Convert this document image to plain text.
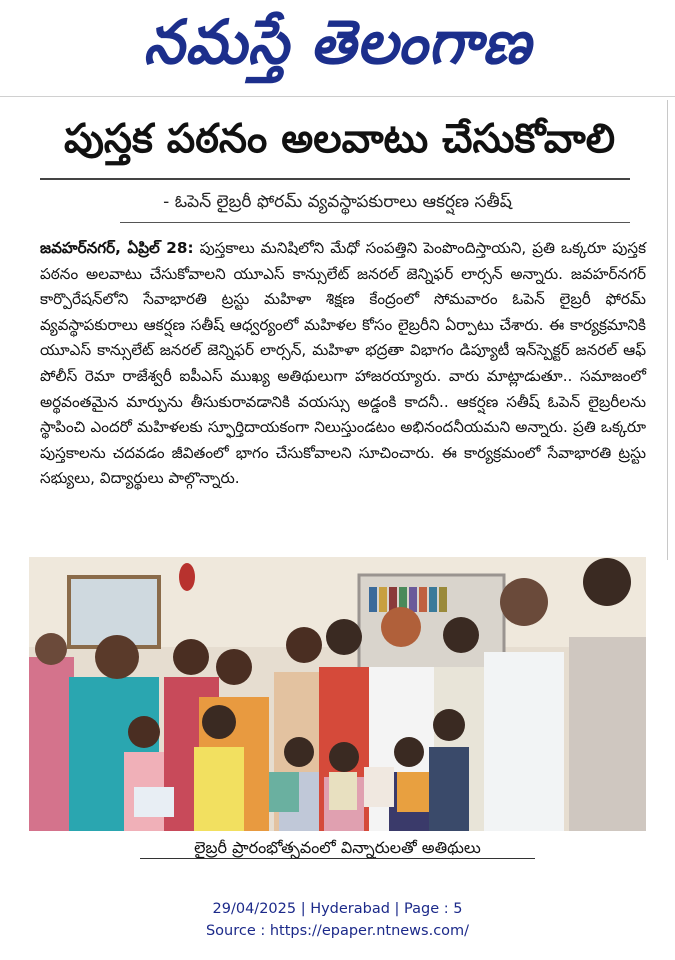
నమస్తే తెలంగాణ
పుస్తక పఠనం అలవాటు చేసుకోవాలి
- ఓపెన్ లైబ్రరీ ఫోరమ్ వ్యవస్థాపకురాలు ఆకర్షణ సతీష్
జవహర్‌నగర్, ఏప్రిల్ 28: పుస్తకాలు మనిషిలోని మేధో సంపత్తిని పెంపొందిస్తాయని, ప్రతి ఒక్కరూ పుస్తక పఠనం అలవాటు చేసుకోవాలని యూఎస్ కాన్సులేట్ జనరల్ జెన్నిఫర్ లార్సన్ అన్నారు. జవహర్‌నగర్ కార్పొరేషన్‌లోని సేవాభారతి ట్రస్టు మహిళా శిక్షణ కేంద్రంలో సోమవారం ఓపెన్ లైబ్రరీ ఫోరమ్ వ్యవస్థాపకురాలు ఆకర్షణ సతీష్ ఆధ్వర్యంలో మహిళల కోసం లైబ్రరీని ఏర్పాటు చేశారు. ఈ కార్యక్రమానికి యూఎస్ కాన్సులేట్ జనరల్ జెన్నిఫర్ లార్సన్, మహిళా భద్రతా విభాగం డిప్యూటీ ఇన్‌స్పెక్టర్ జనరల్ ఆఫ్ పోలీస్ రెమా రాజేశ్వరీ ఐపీఎస్ ముఖ్య అతిథులుగా హాజరయ్యారు. వారు మాట్లాడుతూ.. సమాజంలో అర్థవంతమైన మార్పును తీసుకురావడానికి వయస్సు అడ్డంకి కాదనీ.. ఆకర్షణ సతీష్ ఓపెన్ లైబ్రరీలను స్థాపించి ఎందరో మహిళలకు స్ఫూర్తిదాయకంగా నిలుస్తుండటం అభినందనీయమని అన్నారు. ప్రతి ఒక్కరూ పుస్తకాలను చదవడం జీవితంలో భాగం చేసుకోవాలని సూచించారు. ఈ కార్యక్రమంలో సేవాభారతి ట్రస్టు సభ్యులు, విద్యార్థులు పాల్గొన్నారు.
లైబ్రరీ ప్రారంభోత్సవంలో విన్నారులతో అతిథులు
29/04/2025 | Hyderabad | Page : 5
Source : https://epaper.ntnews.com/
